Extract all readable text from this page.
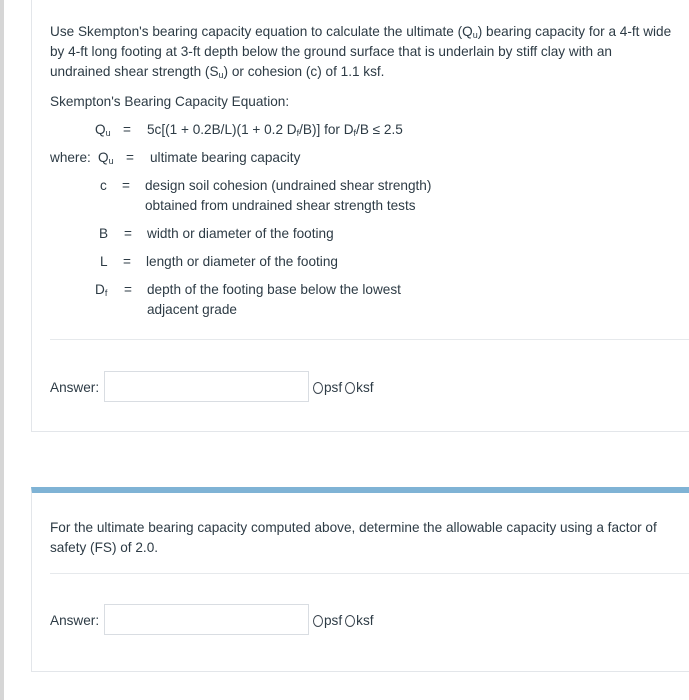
Use Skempton's bearing capacity equation to calculate the ultimate $(Q_u)$ bearing capacity for a 4-ft wide by 4-ft long footing at 3-ft depth below the ground surface that is underlain by stiff clay with an undrained shear strength $(S_u)$ or cohesion (c) of 1.1 ksf.
Skempton's Bearing Capacity Equation:
$Q_u = 5c[(1 + 0.2B/L)(1 + 0.2$ $D_f/B$)] for $D_f/B \le 2.5$
where: $Q_u$ = ultimate bearing capacity
c = design soil cohesion (undrained shear strength)
obtained from undrained shear strength tests
B = width or diameter of the footing
L = length or diameter of the footing
$D_f$ = depth of the footing base below the lowest
adjacent grade
Answer:	psf ksf
For the ultimate bearing capacity computed above, determine the allowable capacity using a factor of safety (FS) of 2.0.
Answer:	psf ksf
